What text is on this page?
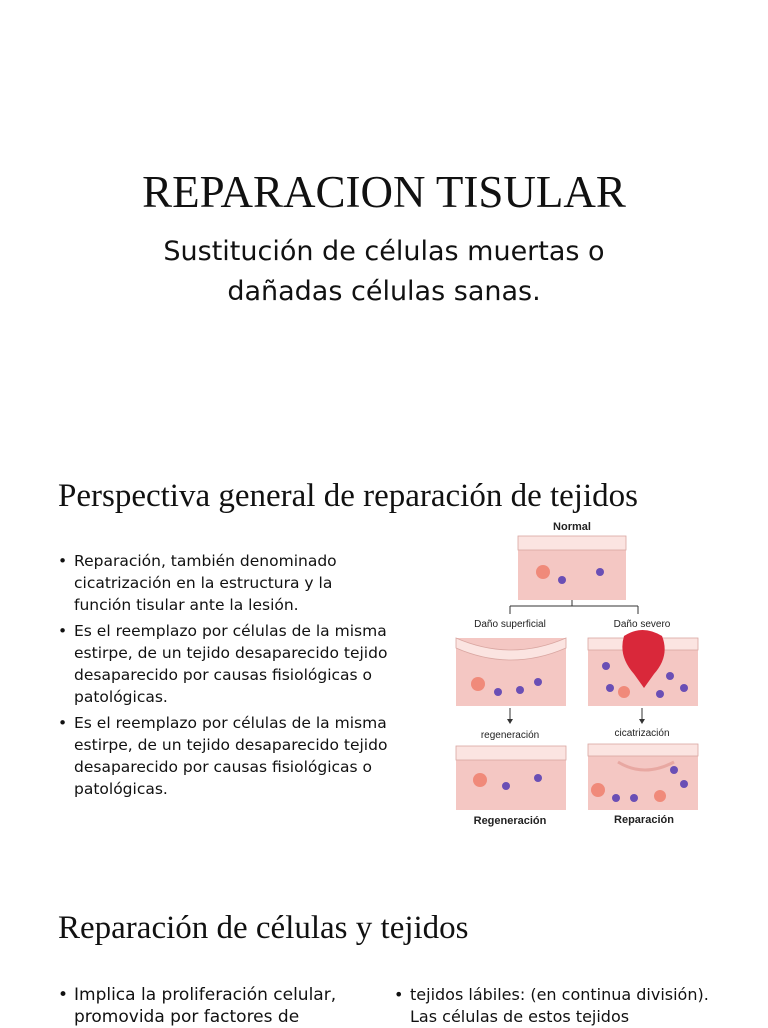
REPARACION TISULAR
Sustitución de células muertas o
dañadas células sanas.
Perspectiva general de reparación de tejidos
• Reparación, también denominado cicatrización en la estructura y la función tisular ante la lesión.
• Es el reemplazo por células de la misma estirpe, de un tejido desaparecido tejido desaparecido por causas fisiológicas o patológicas.
• Es el reemplazo por células de la misma estirpe, de un tejido desaparecido tejido desaparecido por causas fisiológicas o patológicas.
Normal
Daño superficial	Daño severo
regeneración	cicatrización
Regeneración	Reparación
Reparación de células y tejidos
• Implica la proliferación celular, promovida por factores de
• tejidos lábiles: (en continua división). Las células de estos tejidos
